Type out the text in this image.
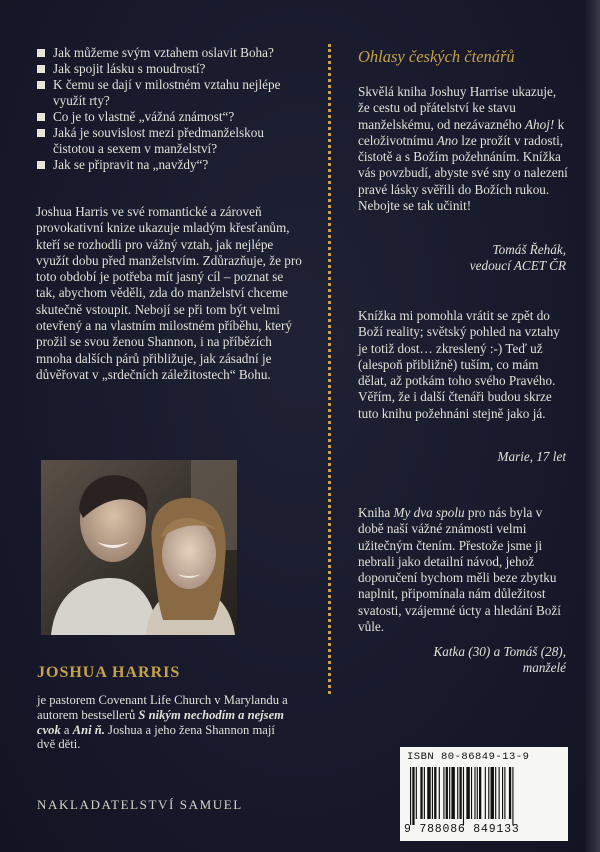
Jak můžeme svým vztahem oslavit Boha?
Jak spojit lásku s moudrostí?
K čemu se dají v milostném vztahu nejlépe využít rty?
Co je to vlastně „vážná známost“?
Jaká je souvislost mezi předmanželskou čistotou a sexem v manželství?
Jak se připravit na „navždy“?

Joshua Harris ve své romantické a zároveň provokativní knize ukazuje mladým křesťanům, kteří se rozhodli pro vážný vztah, jak nejlépe využít dobu před manželstvím. Zdůrazňuje, že pro toto období je potřeba mít jasný cíl – poznat se tak, abychom věděli, zda do manželství chceme skutečně vstoupit. Nebojí se při tom být velmi otevřený a na vlastním milostném příběhu, který prožil se svou ženou Shannon, i na příbězích mnoha dalších párů přibližuje, jak zásadní je důvěřovat v „srdečních záležitostech“ Bohu.

JOSHUA HARRIS

je pastorem Covenant Life Church v Marylandu a autorem bestsellerů S nikým nechodím a nejsem cvok a Ani ň. Joshua a jeho žena Shannon mají dvě děti.

NAKLADATELSTVÍ SAMUEL
Ohlasy českých čtenářů

Skvělá kniha Joshuy Harrise ukazuje, že cestu od přátelství ke stavu manželskému, od nezávazného Ahoj! k celoživotnímu Ano lze prožít v radosti, čistotě a s Božím požehnáním. Knížka vás povzbudí, abyste své sny o nalezení pravé lásky svěřili do Božích rukou. Nebojte se tak učinit!

Tomáš Řehák,
vedoucí ACET ČR

Knížka mi pomohla vrátit se zpět do Boží reality; světský pohled na vztahy je totiž dost… zkreslený :-) Teď už (alespoň přibližně) tuším, co mám dělat, až potkám toho svého Pravého. Věřím, že i další čtenáři budou skrze tuto knihu požehnáni stejně jako já.

Marie, 17 let

Kniha My dva spolu pro nás byla v době naší vážné známosti velmi užitečným čtením. Přestože jsme ji nebrali jako detailní návod, jehož doporučení bychom měli beze zbytku naplnit, připomínala nám důležitost svatosti, vzájemné úcty a hledání Boží vůle.

Katka (30) a Tomáš (28),
manželé
ISBN 80-86849-13-9
9 788086 849133
